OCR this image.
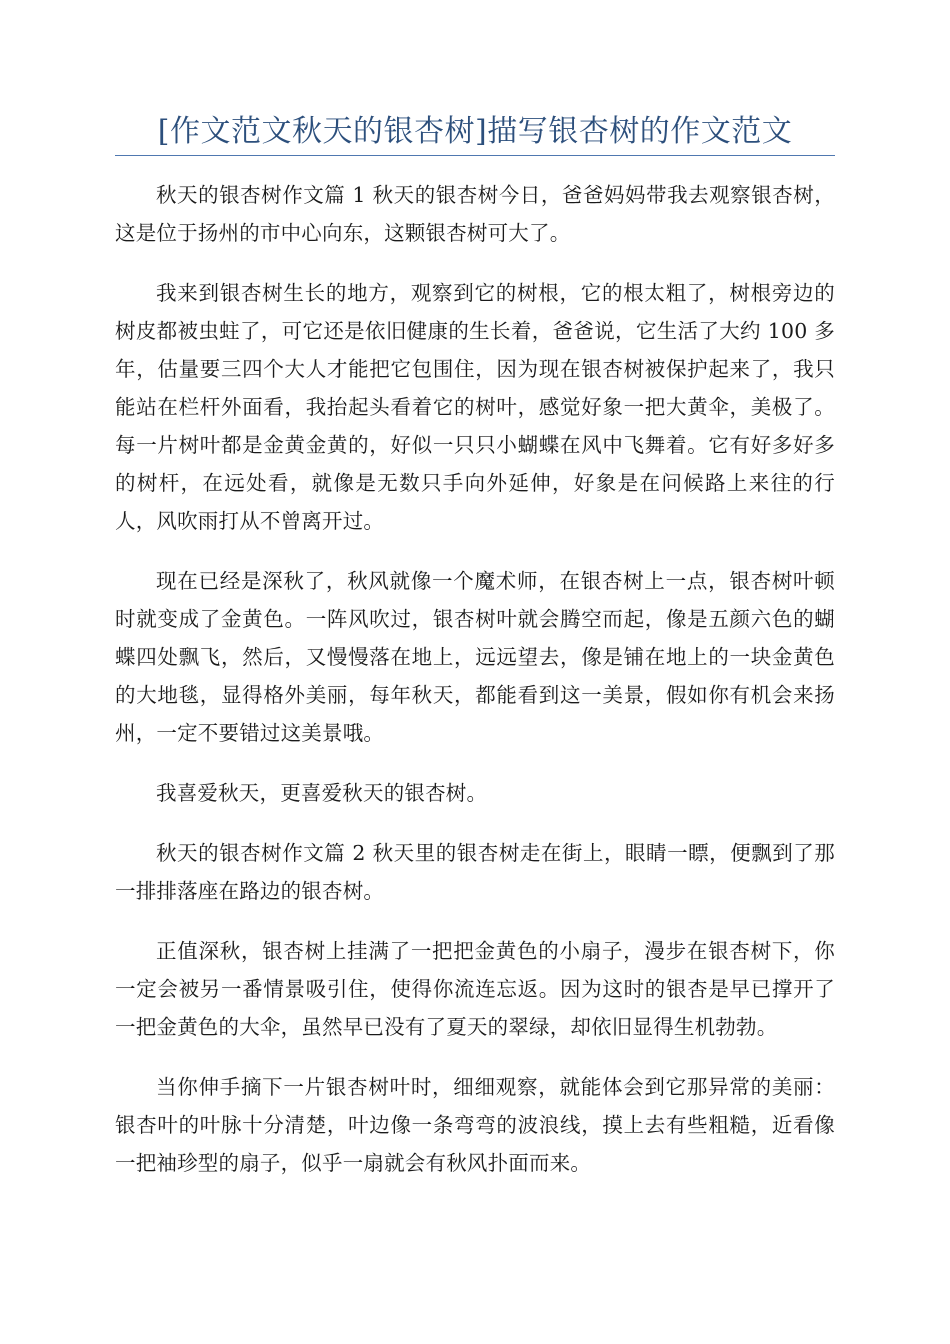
[作文范文秋天的银杏树]描写银杏树的作文范文

秋天的银杏树作文篇 1 秋天的银杏树今日，爸爸妈妈带我去观察银杏树，这是位于扬州的市中心向东，这颗银杏树可大了。

我来到银杏树生长的地方，观察到它的树根，它的根太粗了，树根旁边的树皮都被虫蛀了，可它还是依旧健康的生长着，爸爸说，它生活了大约 100 多年，估量要三四个大人才能把它包围住，因为现在银杏树被保护起来了，我只能站在栏杆外面看，我抬起头看着它的树叶，感觉好象一把大黄伞，美极了。每一片树叶都是金黄金黄的，好似一只只小蝴蝶在风中飞舞着。它有好多好多的树杆，在远处看，就像是无数只手向外延伸，好象是在问候路上来往的行人，风吹雨打从不曾离开过。

现在已经是深秋了，秋风就像一个魔术师，在银杏树上一点，银杏树叶顿时就变成了金黄色。一阵风吹过，银杏树叶就会腾空而起，像是五颜六色的蝴蝶四处飘飞，然后，又慢慢落在地上，远远望去，像是铺在地上的一块金黄色的大地毯，显得格外美丽，每年秋天，都能看到这一美景，假如你有机会来扬州，一定不要错过这美景哦。

我喜爱秋天，更喜爱秋天的银杏树。

秋天的银杏树作文篇 2 秋天里的银杏树走在街上，眼睛一瞟，便飘到了那一排排落座在路边的银杏树。

正值深秋，银杏树上挂满了一把把金黄色的小扇子，漫步在银杏树下，你一定会被另一番情景吸引住，使得你流连忘返。因为这时的银杏是早已撑开了一把金黄色的大伞，虽然早已没有了夏天的翠绿，却依旧显得生机勃勃。

当你伸手摘下一片银杏树叶时，细细观察，就能体会到它那异常的美丽：银杏叶的叶脉十分清楚，叶边像一条弯弯的波浪线，摸上去有些粗糙，近看像一把袖珍型的扇子，似乎一扇就会有秋风扑面而来。
